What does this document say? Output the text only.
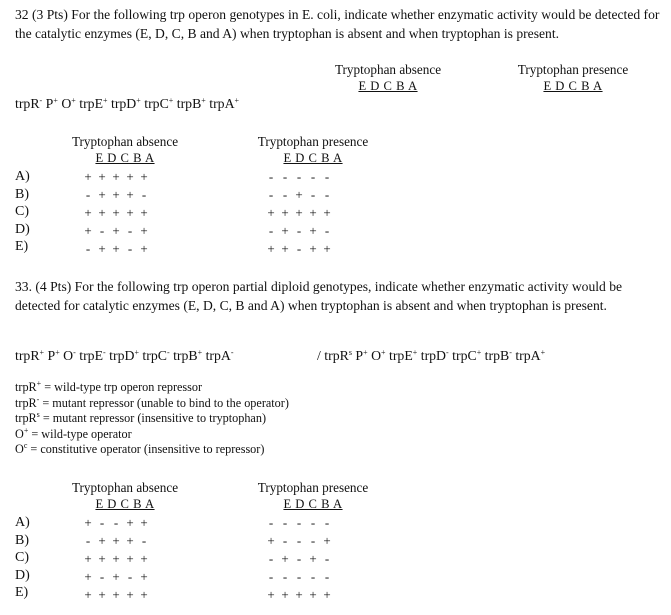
32 (3 Pts) For the following trp operon genotypes in E. coli, indicate whether enzymatic activity would be detected for the catalytic enzymes (E, D, C, B and A) when tryptophan is absent and when tryptophan is present.
Tryptophan absence
E D C B A
Tryptophan presence
E D C B A
trpR- P+ O+ trpE+ trpD+ trpC+ trpB+ trpA+
Tryptophan absence
E D C B A
Tryptophan presence
E D C B A
A)
B)
C)
D)
E)
+ + + + +
- + + + -
+ + + + +
+ - + - +
- + + - +
- - - - -
- - + - -
+ + + + +
- + - + -
+ + - + +
33. (4 Pts) For the following trp operon partial diploid genotypes, indicate whether enzymatic activity would be detected for catalytic enzymes (E, D, C, B and A) when tryptophan is absent and when tryptophan is present.
trpR+ P+ O- trpE- trpD+ trpC- trpB+ trpA-	/ trpR$^s$ P+ O+ trpE+ trpD- trpC+ trpB- trpA+
trpR+ = wild-type trp operon repressor
trpR- = mutant repressor (unable to bind to the operator)
trpR$^s$ = mutant repressor (insensitive to tryptophan)
O+ = wild-type operator
$O^c$ = constitutive operator (insensitive to repressor)
Tryptophan absence
E D C B A
Tryptophan presence
E D C B A
A)
B)
C)
D)
E)
+ - - + +
- + + + -
+ + + + +
+ - + - +
+ + + + +
- - - - -
+ - - - +
- + - + -
- - - - -
+ + + + +
